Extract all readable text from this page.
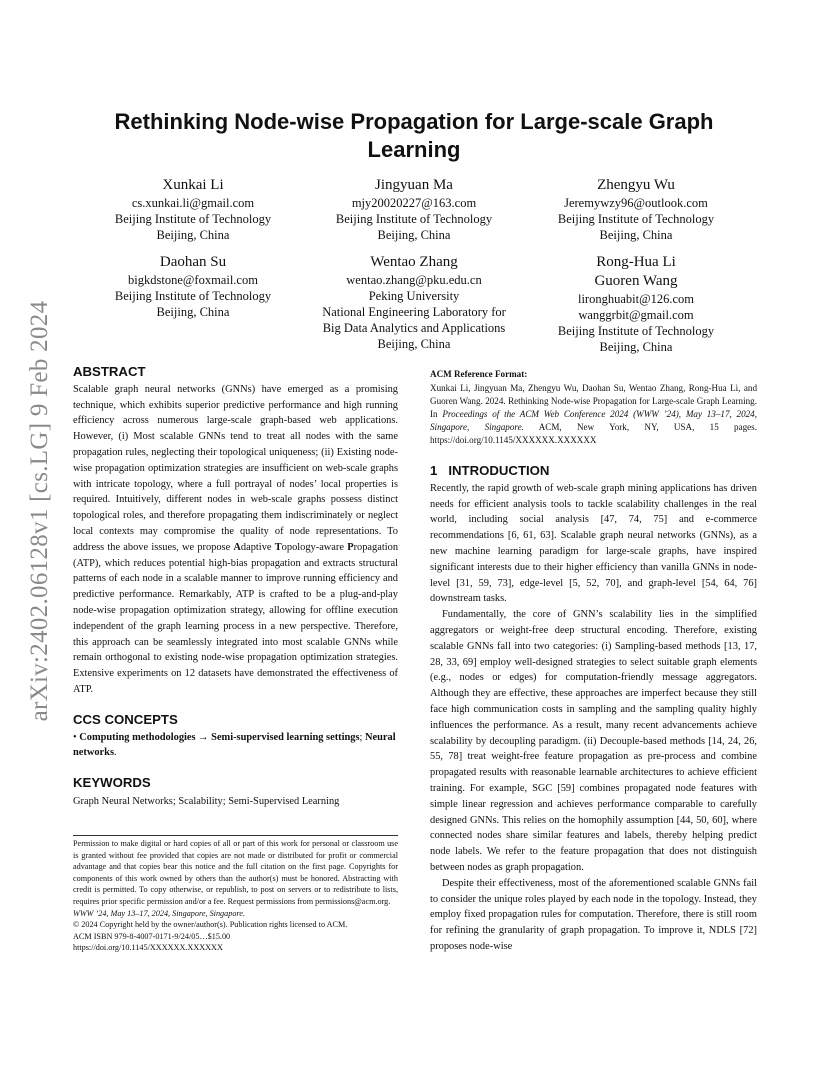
arXiv:2402.06128v1 [cs.LG] 9 Feb 2024
Rethinking Node-wise Propagation for Large-scale Graph Learning
Xunkai Li
cs.xunkai.li@gmail.com
Beijing Institute of Technology
Beijing, China
Jingyuan Ma
mjy20020227@163.com
Beijing Institute of Technology
Beijing, China
Zhengyu Wu
Jeremywzy96@outlook.com
Beijing Institute of Technology
Beijing, China
Daohan Su
bigkdstone@foxmail.com
Beijing Institute of Technology
Beijing, China
Wentao Zhang
wentao.zhang@pku.edu.cn
Peking University
National Engineering Laboratory for
Big Data Analytics and Applications
Beijing, China
Rong-Hua Li
Guoren Wang
lironghuabit@126.com
wanggrbit@gmail.com
Beijing Institute of Technology
Beijing, China
ABSTRACT

Scalable graph neural networks (GNNs) have emerged as a promising technique, which exhibits superior predictive performance and high running efficiency across numerous large-scale graph-based web applications. However, (i) Most scalable GNNs tend to treat all nodes with the same propagation rules, neglecting their topological uniqueness; (ii) Existing node-wise propagation optimization strategies are insufficient on web-scale graphs with intricate topology, where a full portrayal of nodes’ local properties is required. Intuitively, different nodes in web-scale graphs possess distinct topological roles, and therefore propagating them indiscriminately or neglect local contexts may compromise the quality of node representations. To address the above issues, we propose Adaptive Topology-aware Propagation (ATP), which reduces potential high-bias propagation and extracts structural patterns of each node in a scalable manner to improve running efficiency and predictive performance. Remarkably, ATP is crafted to be a plug-and-play node-wise propagation optimization strategy, allowing for offline execution independent of the graph learning process in a new perspective. Therefore, this approach can be seamlessly integrated into most scalable GNNs while remain orthogonal to existing node-wise propagation optimization strategies. Extensive experiments on 12 datasets have demonstrated the effectiveness of ATP.

CCS CONCEPTS

• Computing methodologies → Semi-supervised learning settings; Neural networks.

KEYWORDS

Graph Neural Networks; Scalability; Semi-Supervised Learning

Permission to make digital or hard copies of all or part of this work for personal or classroom use is granted without fee provided that copies are not made or distributed for profit or commercial advantage and that copies bear this notice and the full citation on the first page. Copyrights for components of this work owned by others than the author(s) must be honored. Abstracting with credit is permitted. To copy otherwise, or republish, to post on servers or to redistribute to lists, requires prior specific permission and/or a fee. Request permissions from permissions@acm.org.

WWW ’24, May 13–17, 2024, Singapore, Singapore.

© 2024 Copyright held by the owner/author(s). Publication rights licensed to ACM.

ACM ISBN 979-8-4007-0171-9/24/05…$15.00

https://doi.org/10.1145/XXXXXX.XXXXXX

ACM Reference Format:

Xunkai Li, Jingyuan Ma, Zhengyu Wu, Daohan Su, Wentao Zhang, Rong-Hua Li, and Guoren Wang. 2024. Rethinking Node-wise Propagation for Large-scale Graph Learning. In Proceedings of the ACM Web Conference 2024 (WWW ’24), May 13–17, 2024, Singapore, Singapore. ACM, New York, NY, USA, 15 pages. https://doi.org/10.1145/XXXXXX.XXXXXX

1 INTRODUCTION

Recently, the rapid growth of web-scale graph mining applications has driven needs for efficient analysis tools to tackle scalability challenges in the real world, including social analysis [47, 74, 75] and e-commerce recommendations [6, 61, 63]. Scalable graph neural networks (GNNs), as a new machine learning paradigm for large-scale graphs, have inspired significant interests due to their higher efficiency than vanilla GNNs in node-level [31, 59, 73], edge-level [5, 52, 70], and graph-level [54, 64, 76] downstream tasks.

Fundamentally, the core of GNN’s scalability lies in the simplified aggregators or weight-free deep structural encoding. Therefore, existing scalable GNNs fall into two categories: (i) Sampling-based methods [13, 17, 28, 33, 69] employ well-designed strategies to select suitable graph elements (e.g., nodes or edges) for computation-friendly message aggregators. Although they are effective, these approaches are imperfect because they still face high communication costs in sampling and the sampling quality highly influences the performance. As a result, many recent advancements achieve scalability by decoupling paradigm. (ii) Decouple-based methods [14, 24, 26, 55, 78] treat weight-free feature propagation as pre-process and combine propagated results with reasonable learnable architectures to achieve efficient training. For example, SGC [59] combines propagated node features with simple linear regression and achieves performance comparable to carefully designed GNNs. This relies on the homophily assumption [44, 50, 60], where connected nodes share similar features and labels, thereby helping predict node labels. We refer to the feature propagation that does not distinguish between nodes as graph propagation.

Despite their effectiveness, most of the aforementioned scalable GNNs fail to consider the unique roles played by each node in the topology. Instead, they employ fixed propagation rules for computation. Therefore, there is still room for refining the granularity of graph propagation. To improve it, NDLS [72] proposes node-wise
